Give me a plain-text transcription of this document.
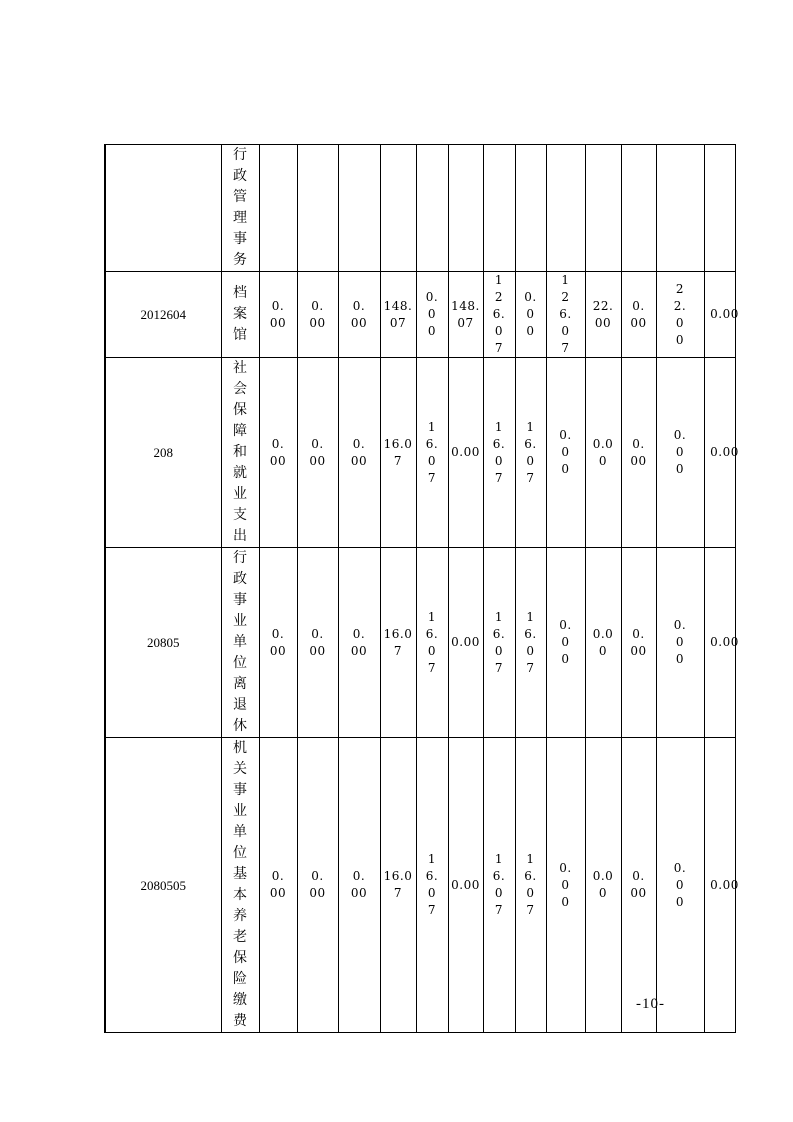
	行政管理事务													

2012604	档案馆	0.00	0.00	0.00	148.07	0.00	148.07	126.07	0.00	126.07	22.00	0.00	22.00	0.00

208	社会保障和就业支出	0.00	0.00	0.00	16.07	16.07	0.00	16.07	16.07	0.00	0.00	0.00	0.00	0.00

20805	行政事业单位离退休	0.00	0.00	0.00	16.07	16.07	0.00	16.07	16.07	0.00	0.00	0.00	0.00	0.00

2080505	机关事业单位基本养老保险缴费	0.00	0.00	0.00	16.07	16.07	0.00	16.07	16.07	0.00	0.00	0.00	0.00	0.00
-10-
